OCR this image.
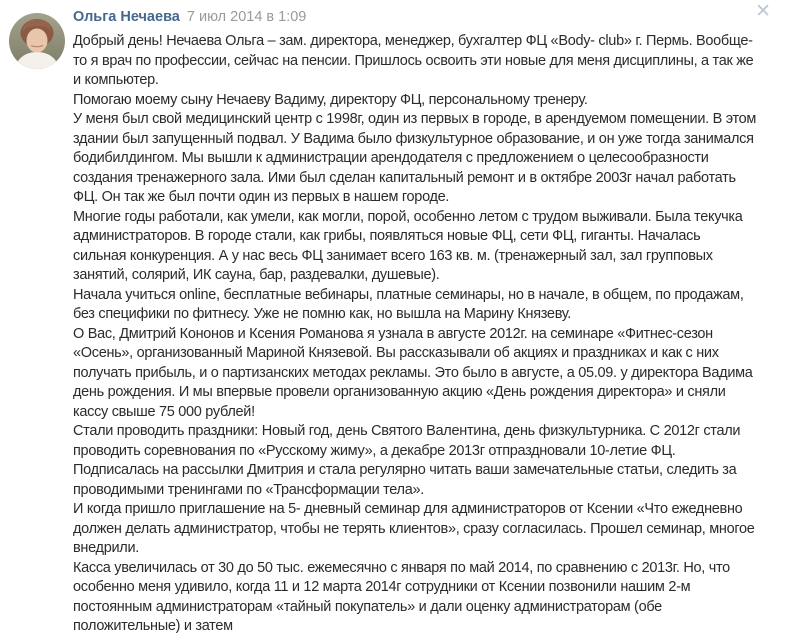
✕
Ольга Нечаева 7 июл 2014 в 1:09

Добрый день! Нечаева Ольга – зам. директора, менеджер, бухгалтер ФЦ «Body- club» г. Пермь. Вообще-то я врач по профессии, сейчас на пенсии. Пришлось освоить эти новые для меня дисциплины, а так же и компьютер.

Помогаю моему сыну Нечаеву Вадиму, директору ФЦ, персональному тренеру.

У меня был свой медицинский центр с 1998г, один из первых в городе, в арендуемом помещении. В этом здании был запущенный подвал. У Вадима было физкультурное образование, и он уже тогда занимался бодибилдингом. Мы вышли к администрации арендодателя с предложением о целесообразности создания тренажерного зала. Ими был сделан капитальный ремонт и в октябре 2003г начал работать ФЦ. Он так же был почти один из первых в нашем городе.

Многие годы работали, как умели, как могли, порой, особенно летом с трудом выживали. Была текучка администраторов. В городе стали, как грибы, появляться новые ФЦ, сети ФЦ, гиганты. Началась сильная конкуренция. А у нас весь ФЦ занимает всего 163 кв. м. (тренажерный зал, зал групповых занятий, солярий, ИК сауна, бар, раздевалки, душевые).

Начала учиться online, бесплатные вебинары, платные семинары, но в начале, в общем, по продажам, без специфики по фитнесу. Уже не помню как, но вышла на Марину Князеву.

О Вас, Дмитрий Кононов и Ксения Романова я узнала в августе 2012г. на семинаре «Фитнес-сезон «Осень», организованный Мариной Князевой. Вы рассказывали об акциях и праздниках и как с них получать прибыль, и о партизанских методах рекламы. Это было в августе, а 05.09. у директора Вадима день рождения. И мы впервые провели организованную акцию «День рождения директора» и сняли кассу свыше 75 000 рублей!

Стали проводить праздники: Новый год, день Святого Валентина, день физкультурника. С 2012г стали проводить соревнования по «Русскому жиму», а декабре 2013г отпраздновали 10-летие ФЦ.

Подписалась на рассылки Дмитрия и стала регулярно читать ваши замечательные статьи, следить за проводимыми тренингами по «Трансформации тела».

И когда пришло приглашение на 5- дневный семинар для администраторов от Ксении «Что ежедневно должен делать администратор, чтобы не терять клиентов», сразу согласилась. Прошел семинар, многое внедрили.

Касса увеличилась от 30 до 50 тыс. ежемесячно с января по май 2014, по сравнению с 2013г. Но, что особенно меня удивило, когда 11 и 12 марта 2014г сотрудники от Ксении позвонили нашим 2-м постоянным администраторам «тайный покупатель» и дали оценку администраторам (обе положительные) и затем
